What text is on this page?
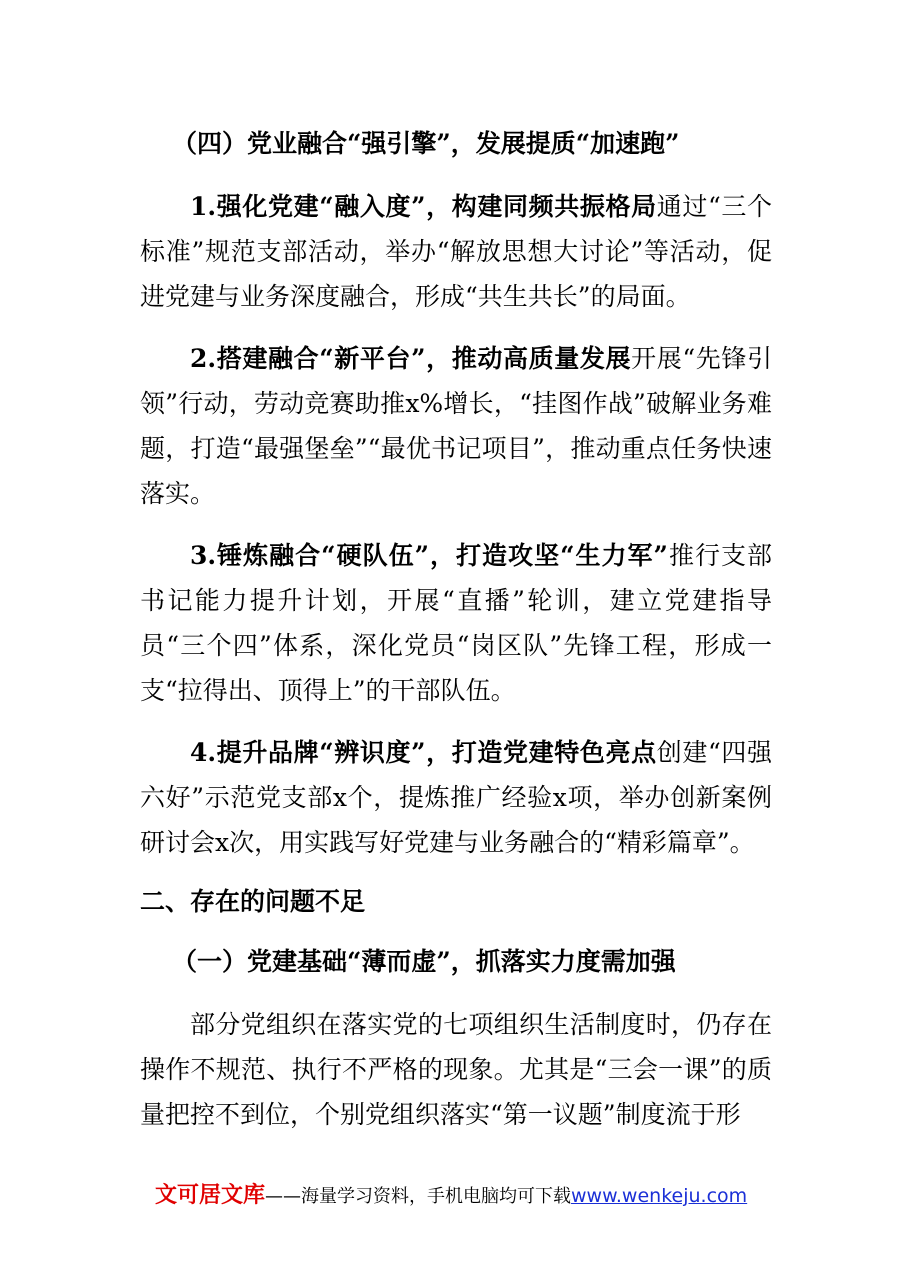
（四）党业融合“强引擎”，发展提质“加速跑”

1.强化党建“融入度”，构建同频共振格局通过“三个标准”规范支部活动，举办“解放思想大讨论”等活动，促进党建与业务深度融合，形成“共生共长”的局面。

2.搭建融合“新平台”，推动高质量发展开展“先锋引领”行动，劳动竞赛助推x%增长，“挂图作战”破解业务难题，打造“最强堡垒”“最优书记项目”，推动重点任务快速落实。

3.锤炼融合“硬队伍”，打造攻坚“生力军”推行支部书记能力提升计划，开展“直播”轮训，建立党建指导员“三个四”体系，深化党员“岗区队”先锋工程，形成一支“拉得出、顶得上”的干部队伍。

4.提升品牌“辨识度”，打造党建特色亮点创建“四强六好”示范党支部x个，提炼推广经验x项，举办创新案例研讨会x次，用实践写好党建与业务融合的“精彩篇章”。

二、存在的问题不足
（一）党建基础“薄而虚”，抓落实力度需加强

部分党组织在落实党的七项组织生活制度时，仍存在操作不规范、执行不严格的现象。尤其是“三会一课”的质量把控不到位，个别党组织落实“第一议题”制度流于形

文可居文库——海量学习资料，手机电脑均可下载www.wenkeju.com
